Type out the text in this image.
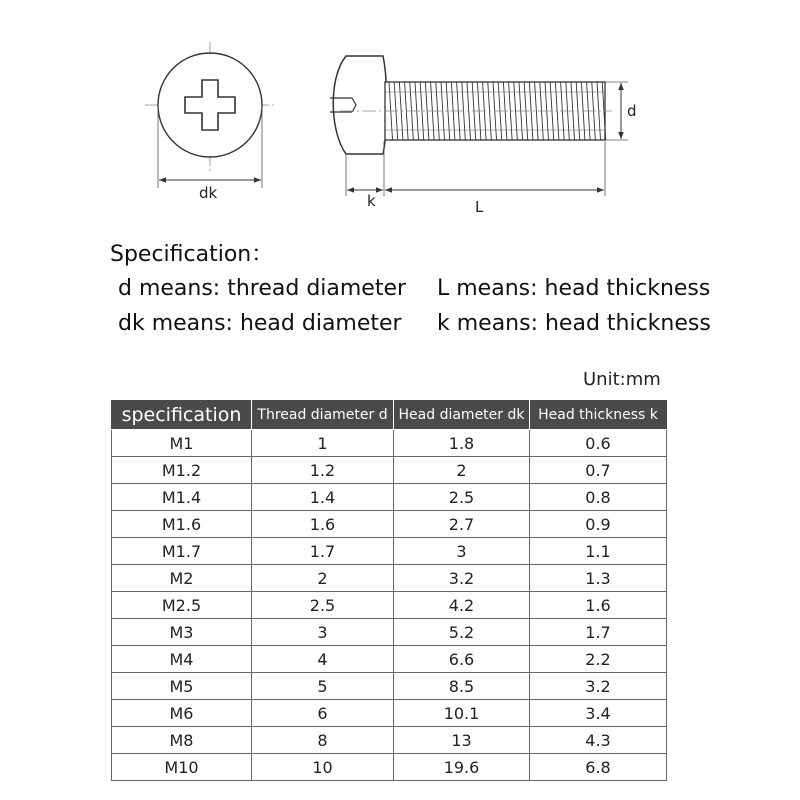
dk
d
k	L
Specification：
d means: thread diameter L means: head thickness
dk means: head diameter k means: head thickness
Unit:mm
specification	Thread diameter d	Head diameter dk	Head thickness k
M1	1	1.8	0.6
M1.2	1.2	2	0.7
M1.4	1.4	2.5	0.8
M1.6	1.6	2.7	0.9
M1.7	1.7	3	1.1
M2	2	3.2	1.3
M2.5	2.5	4.2	1.6
M3	3	5.2	1.7
M4	4	6.6	2.2
M5	5	8.5	3.2
M6	6	10.1	3.4
M8	8	13	4.3
M10	10	19.6	6.8
